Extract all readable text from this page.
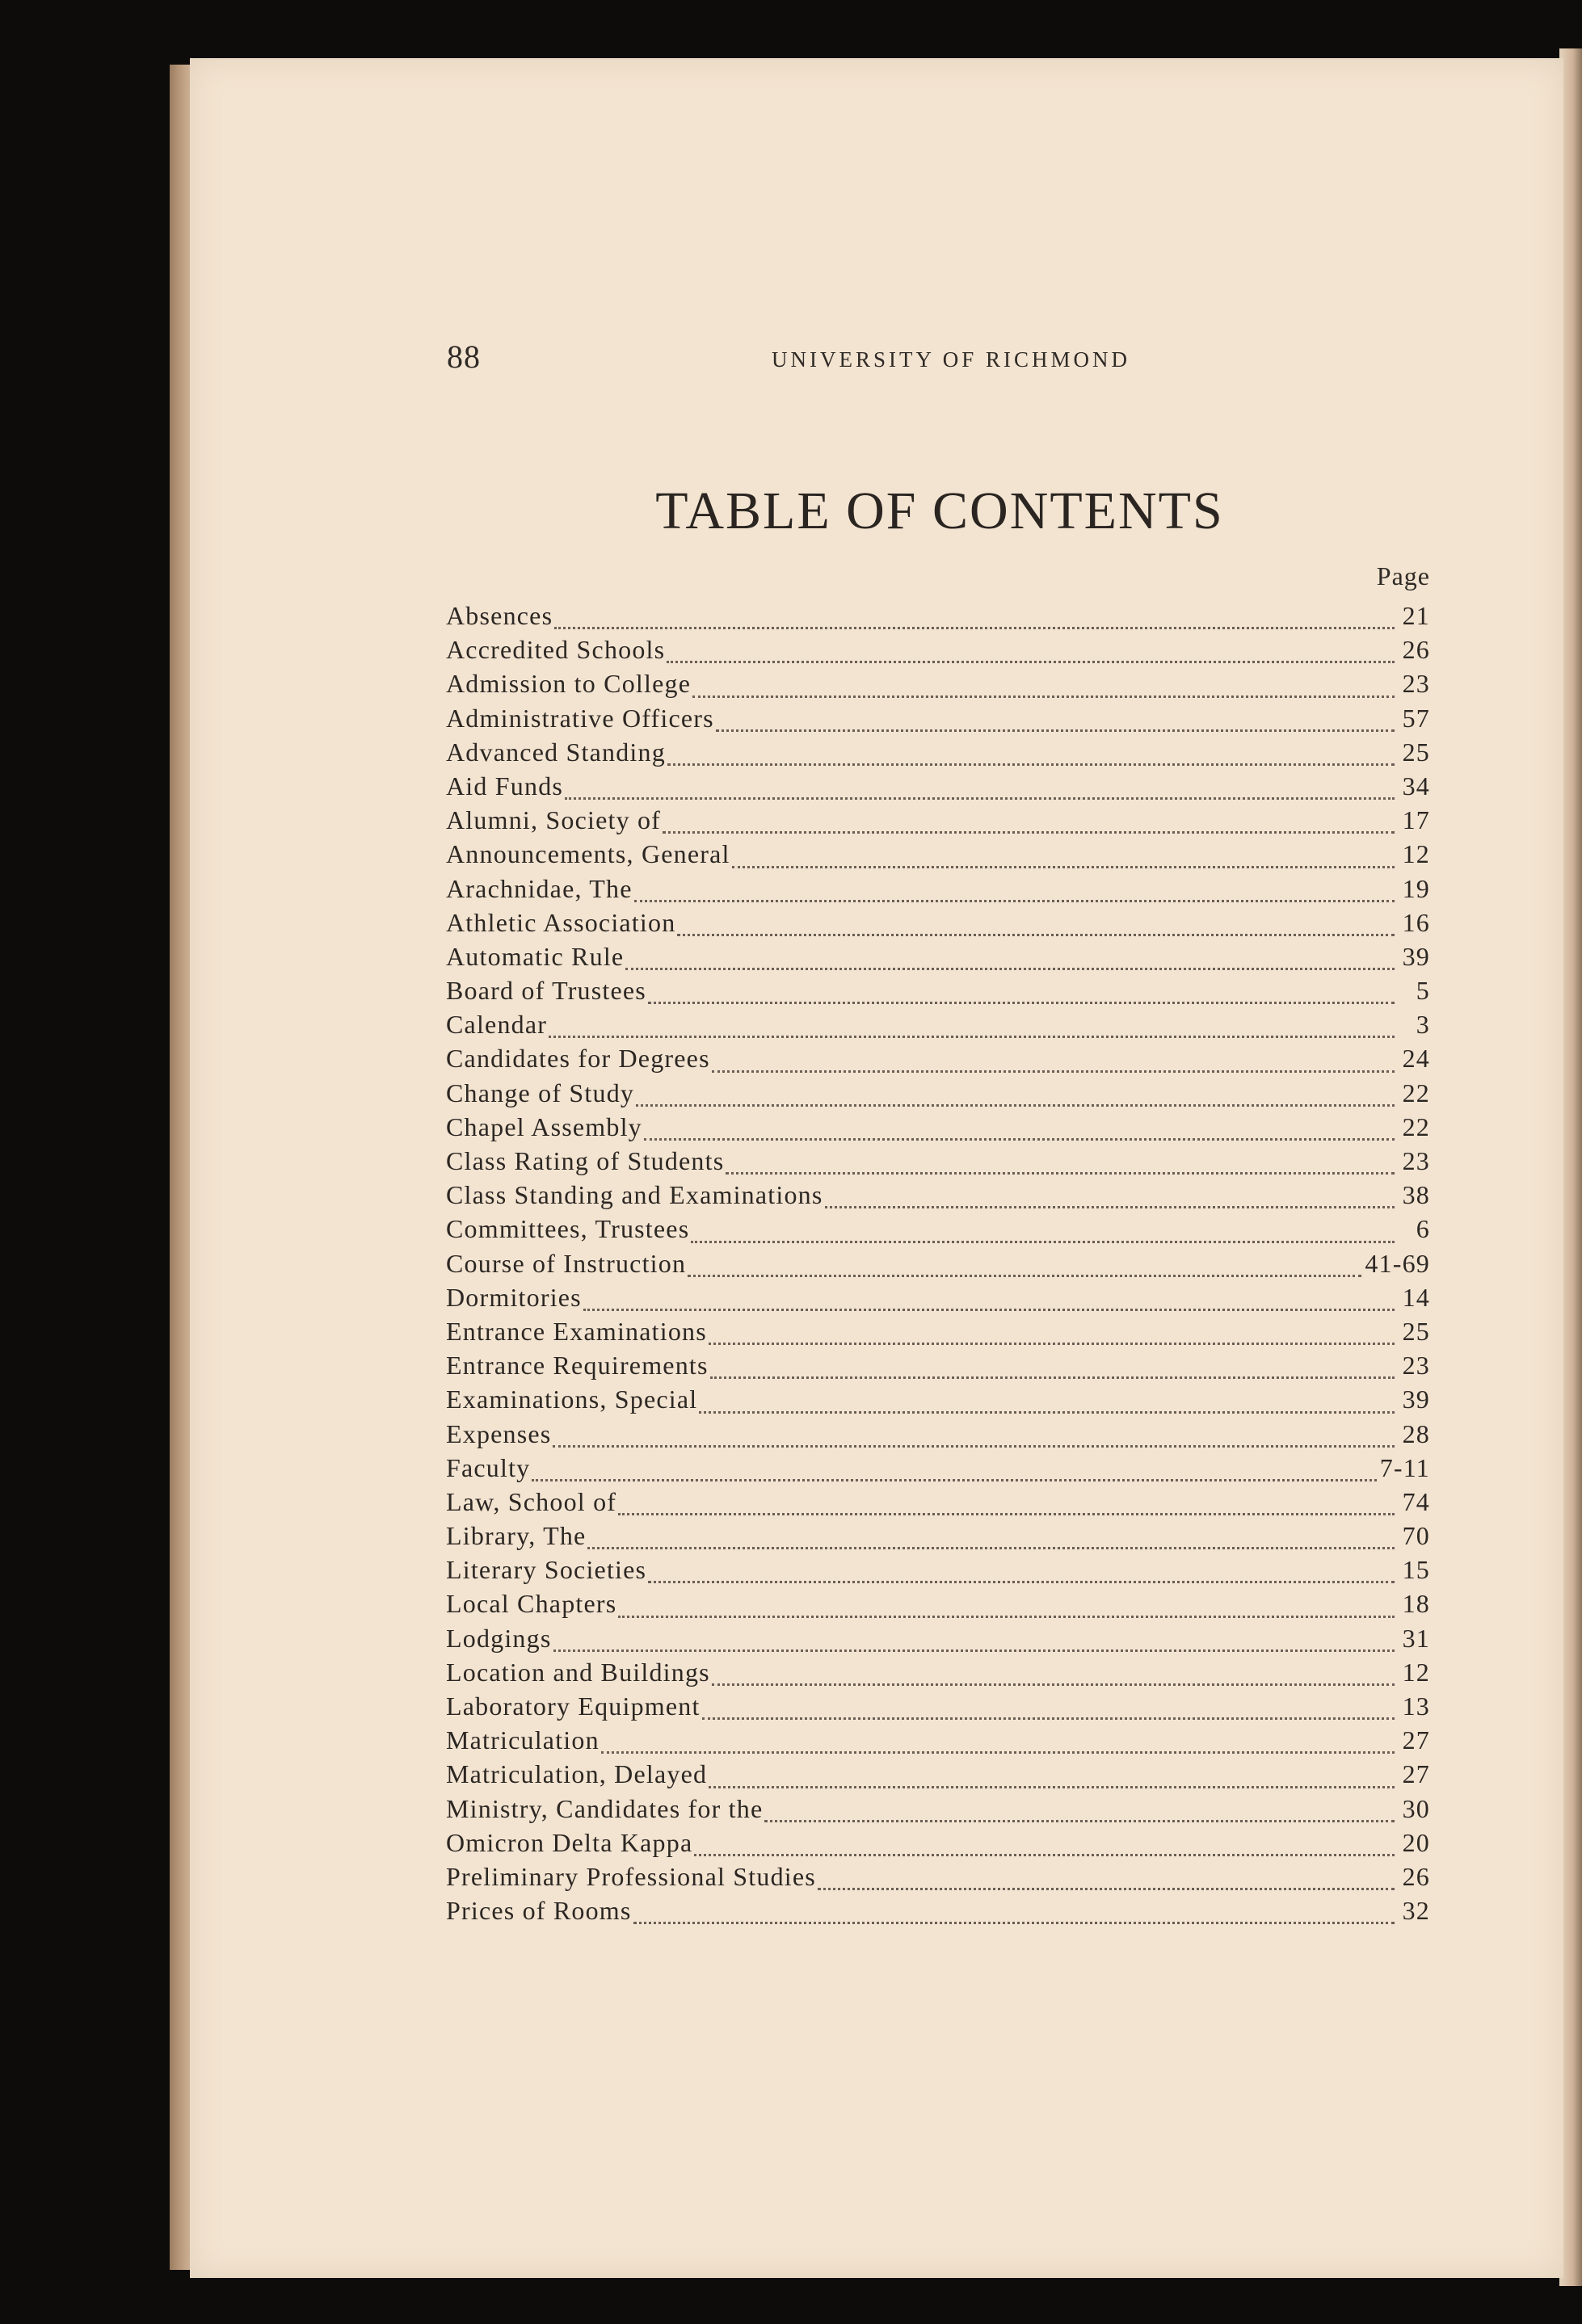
88	UNIVERSITY OF RICHMOND
TABLE OF CONTENTS
Page
Absences	21
Accredited Schools	26
Admission to College	23
Administrative Officers	57
Advanced Standing	25
Aid Funds	34
Alumni, Society of	17
Announcements, General	12
Arachnidae, The	19
Athletic Association	16
Automatic Rule	39
Board of Trustees	5
Calendar	3
Candidates for Degrees	24
Change of Study	22
Chapel Assembly	22
Class Rating of Students	23
Class Standing and Examinations	38
Committees, Trustees	6
Course of Instruction	41-69
Dormitories	14
Entrance Examinations	25
Entrance Requirements	23
Examinations, Special	39
Expenses	28
Faculty	7-11
Law, School of	74
Library, The	70
Literary Societies	15
Local Chapters	18
Lodgings	31
Location and Buildings	12
Laboratory Equipment	13
Matriculation	27
Matriculation, Delayed	27
Ministry, Candidates for the	30
Omicron Delta Kappa	20
Preliminary Professional Studies	26
Prices of Rooms	32
